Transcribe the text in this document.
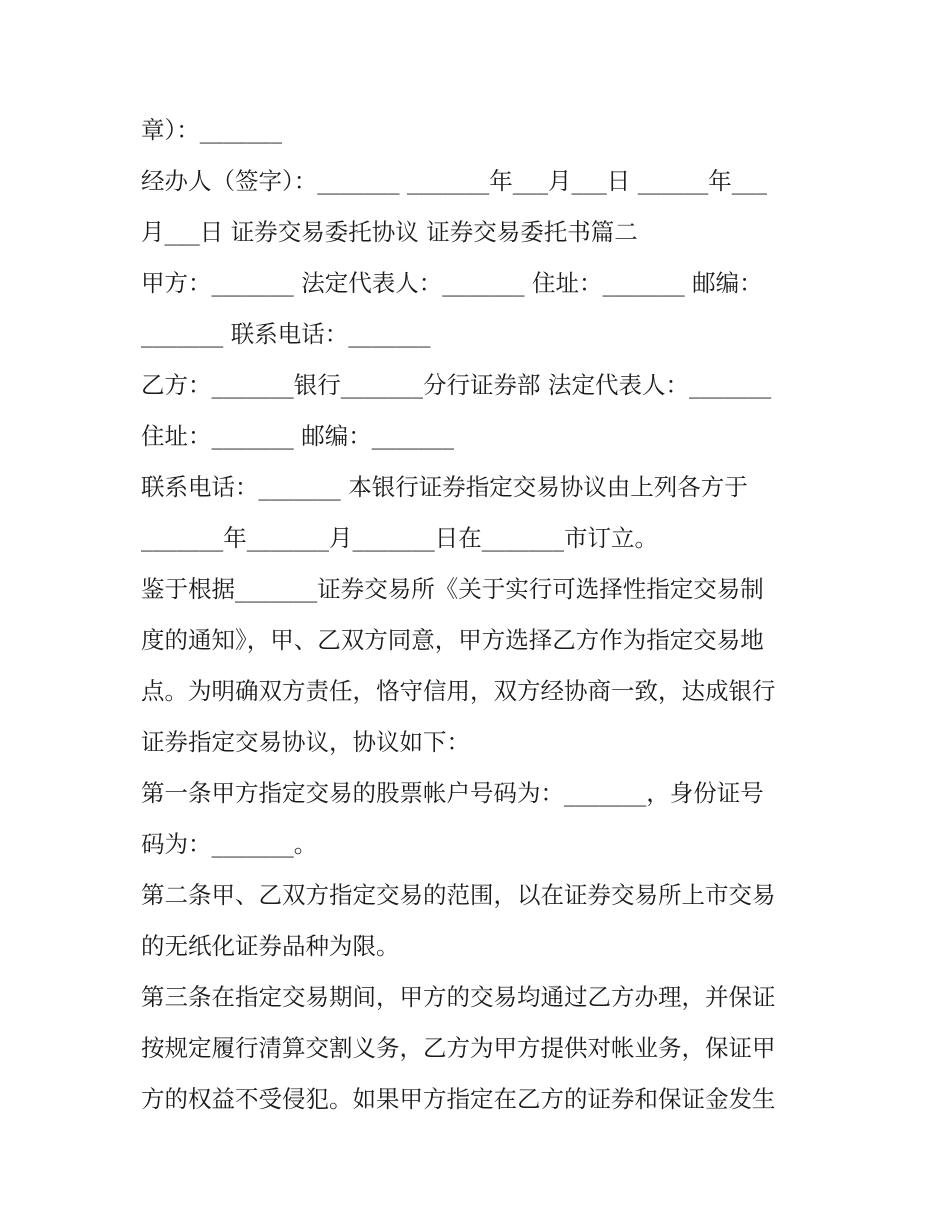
章）：_______
经办人（签字）：_______ _______年___月___日 ______年___
月___日 证券交易委托协议 证券交易委托书篇二
甲方：_______ 法定代表人：_______ 住址：_______ 邮编：
_______ 联系电话：_______
乙方：_______银行_______分行证券部 法定代表人：_______
住址：_______ 邮编：_______
联系电话：_______ 本银行证券指定交易协议由上列各方于
_______年_______月_______日在_______市订立。
鉴于根据_______证券交易所《关于实行可选择性指定交易制
度的通知》，甲、乙双方同意，甲方选择乙方作为指定交易地
点。为明确双方责任，恪守信用，双方经协商一致，达成银行
证券指定交易协议，协议如下：
第一条甲方指定交易的股票帐户号码为：_______，身份证号
码为：_______。
第二条甲、乙双方指定交易的范围，以在证券交易所上市交易
的无纸化证券品种为限。
第三条在指定交易期间，甲方的交易均通过乙方办理，并保证
按规定履行清算交割义务，乙方为甲方提供对帐业务，保证甲
方的权益不受侵犯。如果甲方指定在乙方的证券和保证金发生
